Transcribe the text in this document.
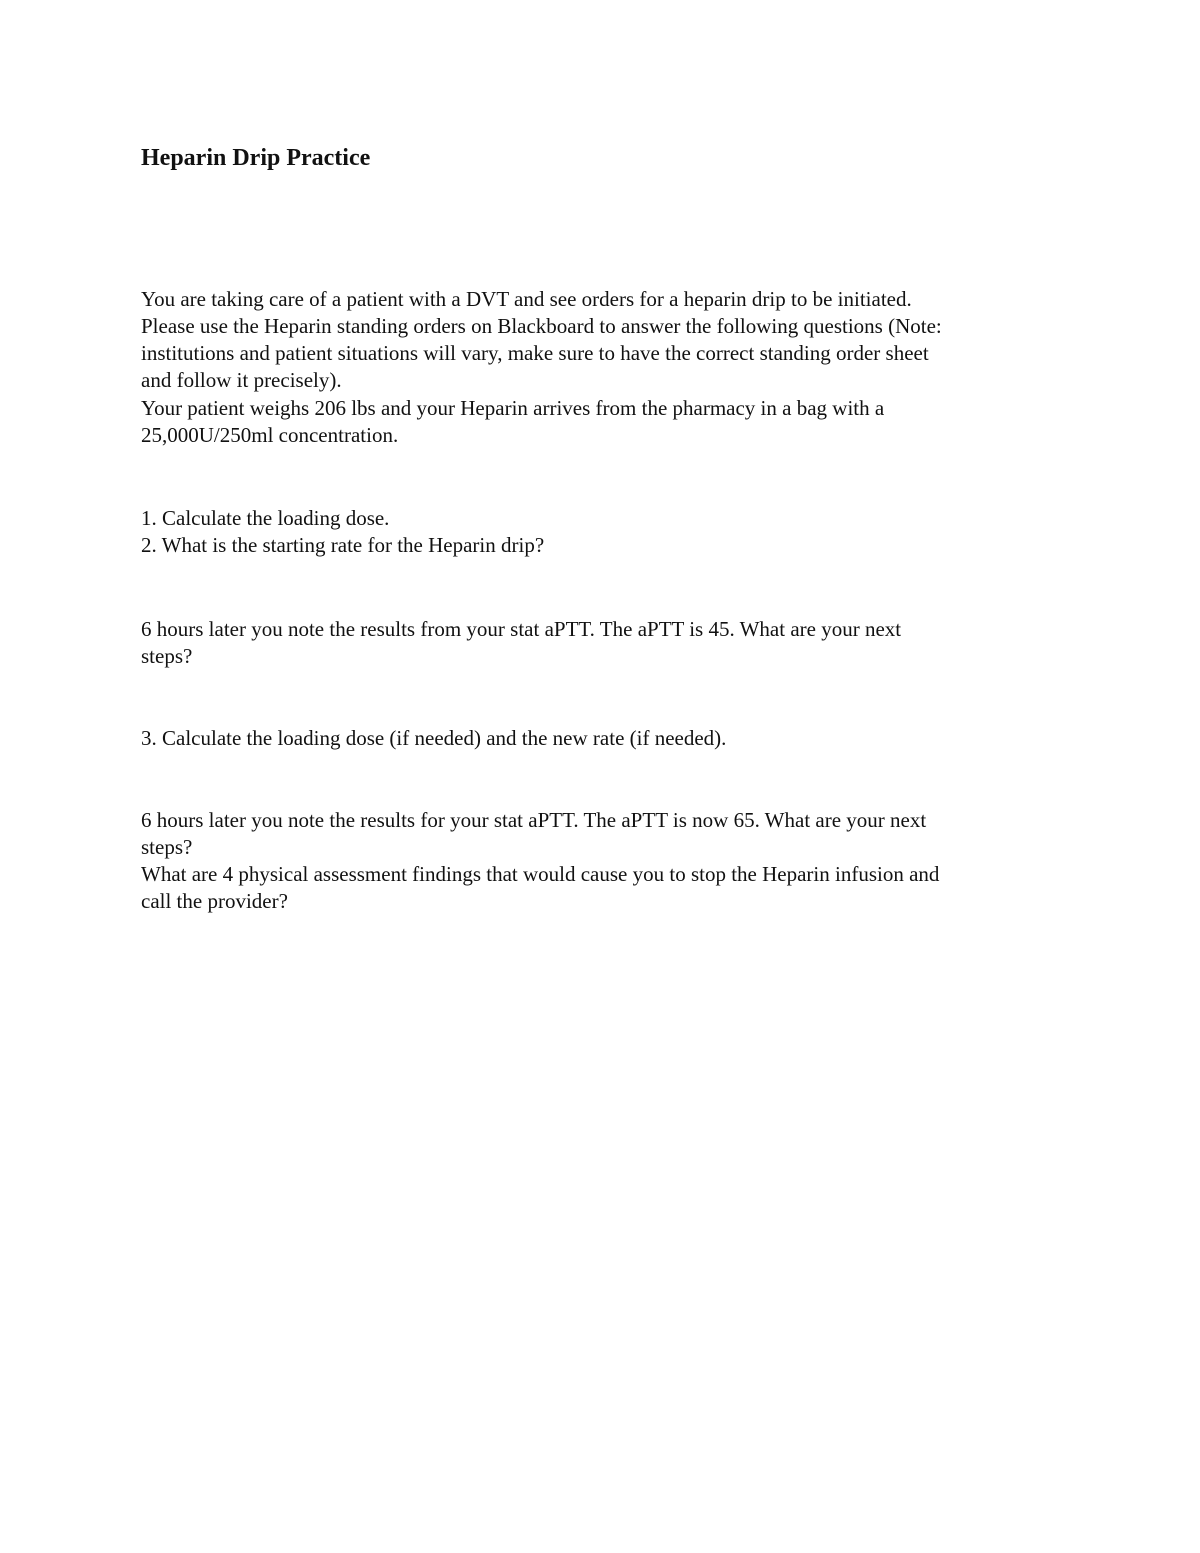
Heparin Drip Practice

You are taking care of a patient with a DVT and see orders for a heparin drip to be initiated.

Please use the Heparin standing orders on Blackboard to answer the following questions (Note:

institutions and patient situations will vary, make sure to have the correct standing order sheet

and follow it precisely).

Your patient weighs 206 lbs and your Heparin arrives from the pharmacy in a bag with a

25,000U/250ml concentration.

1. Calculate the loading dose.

2. What is the starting rate for the Heparin drip?

6 hours later you note the results from your stat aPTT. The aPTT is 45. What are your next

steps?

3. Calculate the loading dose (if needed) and the new rate (if needed).

6 hours later you note the results for your stat aPTT. The aPTT is now 65. What are your next

steps?

What are 4 physical assessment findings that would cause you to stop the Heparin infusion and

call the provider?
